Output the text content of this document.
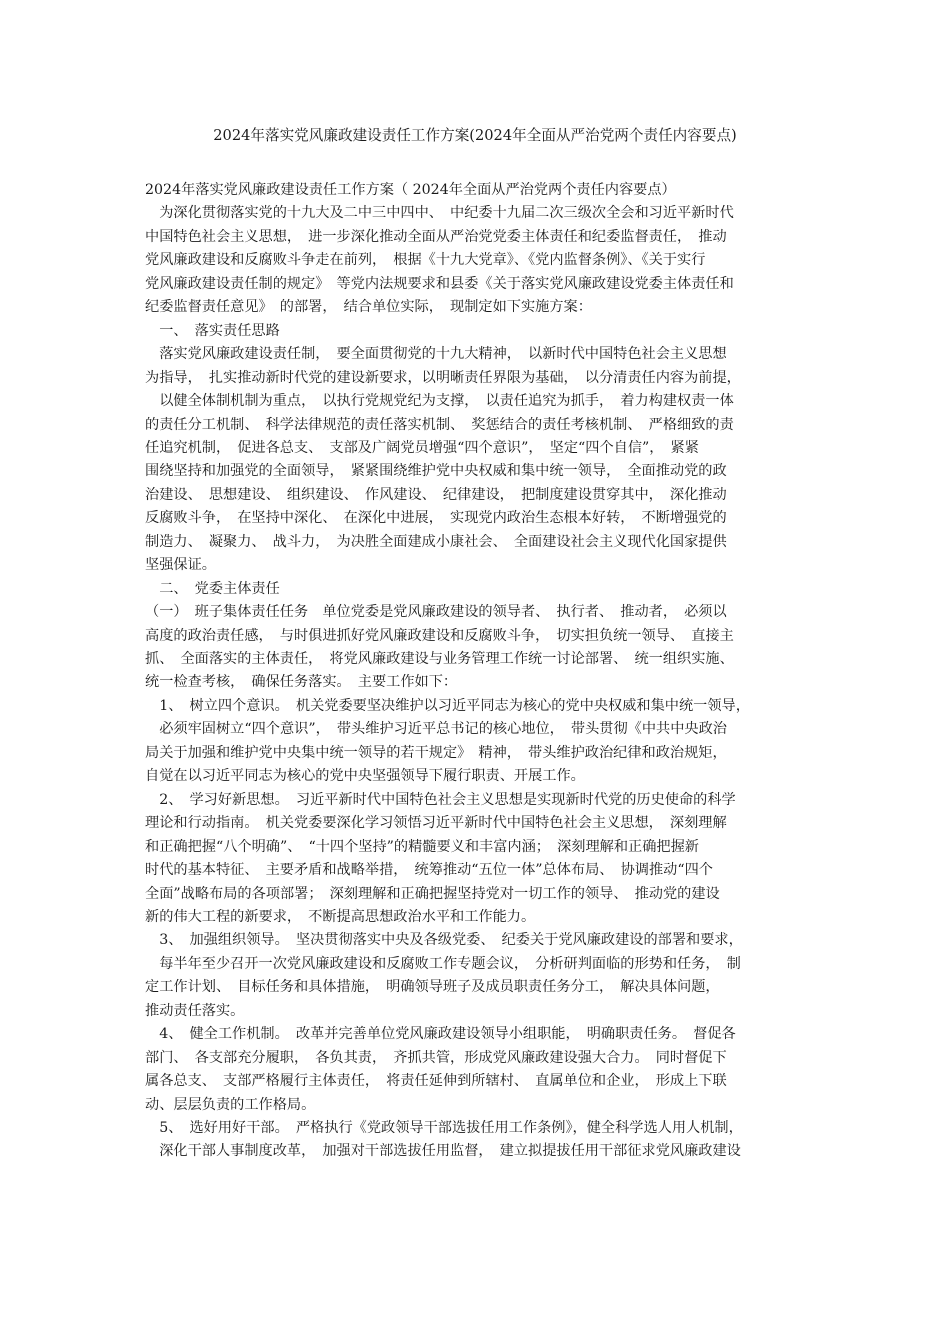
2024年落实党风廉政建设责任工作方案(2024年全面从严治党两个责任内容要点)
2024年落实党风廉政建设责任工作方案（ 2024年全面从严治党两个责任内容要点）
　为深化贯彻落实党的十九大及二中三中四中、　中纪委十九届二次三级次全会和习近平新时代
中国特色社会主义思想，　进一步深化推动全面从严治党党委主体责任和纪委监督责任，　推动
党风廉政建设和反腐败斗争走在前列，　根据《十九大党章》、《党内监督条例》、《关于实行
党风廉政建设责任制的规定》　等党内法规要求和县委《关于落实党风廉政建设党委主体责任和
纪委监督责任意见》　的部署，　结合单位实际，　现制定如下实施方案：
　一、　落实责任思路
　落实党风廉政建设责任制，　要全面贯彻党的十九大精神，　以新时代中国特色社会主义思想
为指导，　扎实推动新时代党的建设新要求，以明晰责任界限为基础，　以分清责任内容为前提，
　以健全体制机制为重点，　以执行党规党纪为支撑，　以责任追究为抓手，　着力构建权责一体
的责任分工机制、　科学法律规范的责任落实机制、　奖惩结合的责任考核机制、　严格细致的责
任追究机制，　促进各总支、　支部及广阔党员增强“四个意识”，　坚定“四个自信”，　紧紧
围绕坚持和加强党的全面领导，　紧紧围绕维护党中央权威和集中统一领导，　全面推动党的政
治建设、　思想建设、　组织建设、　作风建设、　纪律建设，　把制度建设贯穿其中，　深化推动
反腐败斗争，　在坚持中深化、　在深化中进展，　实现党内政治生态根本好转，　不断增强党的
制造力、　凝聚力、　战斗力，　为决胜全面建成小康社会、　全面建设社会主义现代化国家提供
坚强保证。
　二、　党委主体责任
（一）　班子集体责任任务　单位党委是党风廉政建设的领导者、　执行者、　推动者，　必须以
高度的政治责任感，　与时俱进抓好党风廉政建设和反腐败斗争，　切实担负统一领导、　直接主
抓、　全面落实的主体责任，　将党风廉政建设与业务管理工作统一讨论部署、　统一组织实施、
统一检查考核，　确保任务落实。　主要工作如下：
　1、　树立四个意识。　机关党委要坚决维护以习近平同志为核心的党中央权威和集中统一领导，
　必须牢固树立“四个意识”，　带头维护习近平总书记的核心地位，　带头贯彻《中共中央政治
局关于加强和维护党中央集中统一领导的若干规定》　精神，　带头维护政治纪律和政治规矩，
自觉在以习近平同志为核心的党中央坚强领导下履行职责、开展工作。
　2、　学习好新思想。　习近平新时代中国特色社会主义思想是实现新时代党的历史使命的科学
理论和行动指南。　机关党委要深化学习领悟习近平新时代中国特色社会主义思想，　深刻理解
和正确把握“八个明确”、　“十四个坚持”的精髓要义和丰富内涵；　深刻理解和正确把握新
时代的基本特征、　主要矛盾和战略举措，　统筹推动“五位一体”总体布局、　协调推动“四个
全面”战略布局的各项部署；　深刻理解和正确把握坚持党对一切工作的领导、　推动党的建设
新的伟大工程的新要求，　不断提高思想政治水平和工作能力。
　3、　加强组织领导。　坚决贯彻落实中央及各级党委、　纪委关于党风廉政建设的部署和要求，
　每半年至少召开一次党风廉政建设和反腐败工作专题会议，　分析研判面临的形势和任务，　制
定工作计划、　目标任务和具体措施，　明确领导班子及成员职责任务分工，　解决具体问题，
推动责任落实。
　4、　健全工作机制。　改革并完善单位党风廉政建设领导小组职能，　明确职责任务。　督促各
部门、　各支部充分履职，　各负其责，　齐抓共管，形成党风廉政建设强大合力。　同时督促下
属各总支、　支部严格履行主体责任，　将责任延伸到所辖村、　直属单位和企业，　形成上下联
动、层层负责的工作格局。
　5、　选好用好干部。　严格执行《党政领导干部选拔任用工作条例》，健全科学选人用人机制，
　深化干部人事制度改革，　加强对干部选拔任用监督，　建立拟提拔任用干部征求党风廉政建设
